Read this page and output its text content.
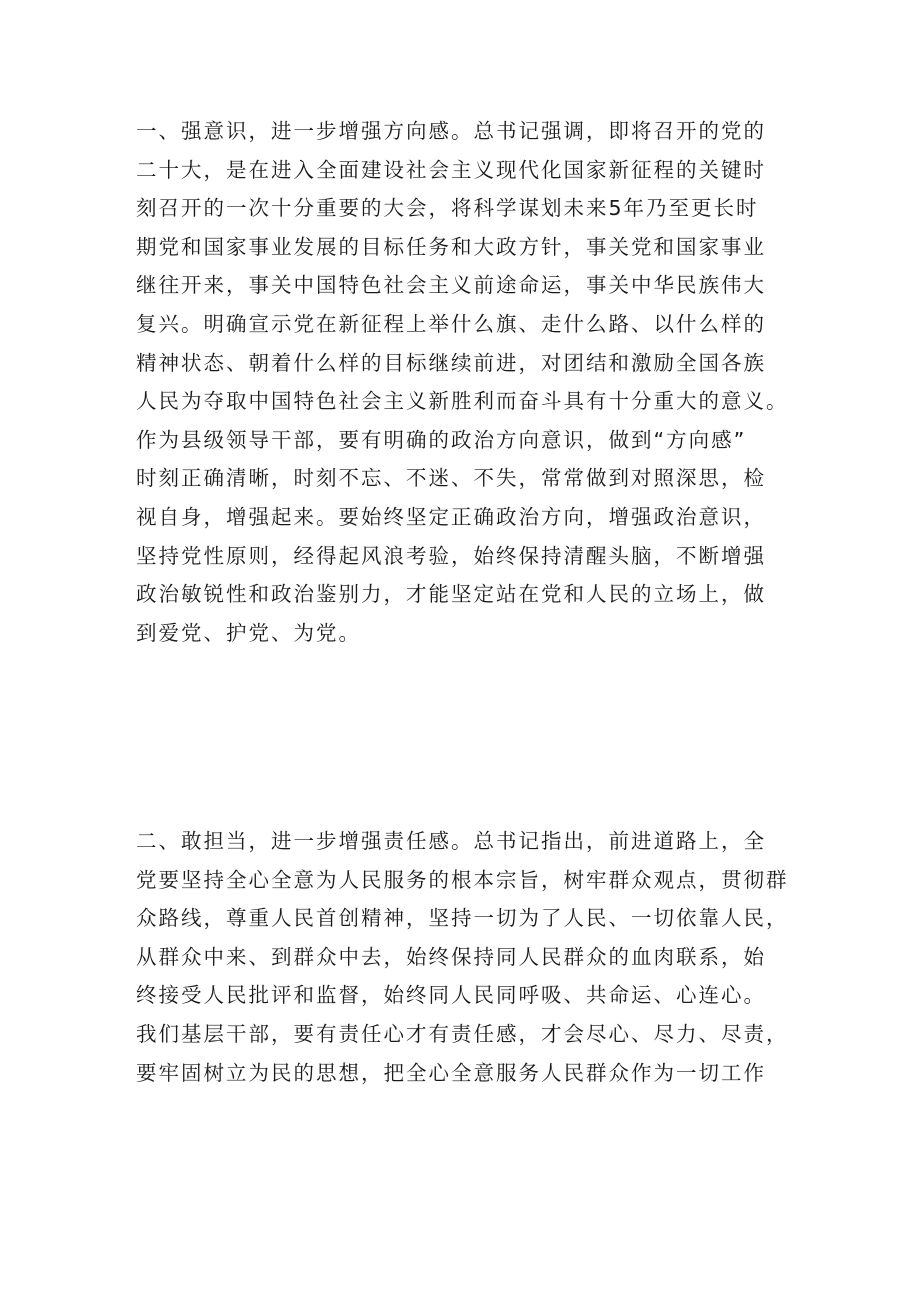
一、强意识，进一步增强方向感。总书记强调，即将召开的党的
二十大，是在进入全面建设社会主义现代化国家新征程的关键时
刻召开的一次十分重要的大会，将科学谋划未来5年乃至更长时
期党和国家事业发展的目标任务和大政方针，事关党和国家事业
继往开来，事关中国特色社会主义前途命运，事关中华民族伟大
复兴。明确宣示党在新征程上举什么旗、走什么路、以什么样的
精神状态、朝着什么样的目标继续前进，对团结和激励全国各族
人民为夺取中国特色社会主义新胜利而奋斗具有十分重大的意义。
作为县级领导干部，要有明确的政治方向意识，做到“方向感”
时刻正确清晰，时刻不忘、不迷、不失，常常做到对照深思，检
视自身，增强起来。要始终坚定正确政治方向，增强政治意识，
坚持党性原则，经得起风浪考验，始终保持清醒头脑，不断增强
政治敏锐性和政治鉴别力，才能坚定站在党和人民的立场上，做
到爱党、护党、为党。
二、敢担当，进一步增强责任感。总书记指出，前进道路上，全
党要坚持全心全意为人民服务的根本宗旨，树牢群众观点，贯彻群
众路线，尊重人民首创精神，坚持一切为了人民、一切依靠人民，
从群众中来、到群众中去，始终保持同人民群众的血肉联系，始
终接受人民批评和监督，始终同人民同呼吸、共命运、心连心。
我们基层干部，要有责任心才有责任感，才会尽心、尽力、尽责，
要牢固树立为民的思想，把全心全意服务人民群众作为一切工作
